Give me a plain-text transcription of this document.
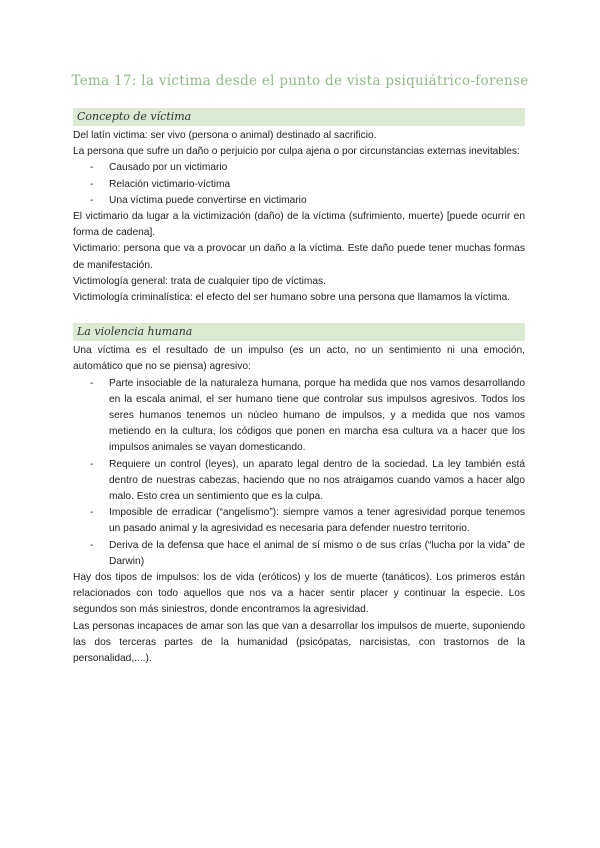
Tema 17: la víctima desde el punto de vista psiquiátrico-forense
Concepto de víctima

Del latín victima: ser vivo (persona o animal) destinado al sacrificio.

La persona que sufre un daño o perjuicio por culpa ajena o por circunstancias externas inevitables:

- Causado por un victimario
- Relación victimario-víctima
- Una víctima puede convertirse en victimario

El victimario da lugar a la victimización (daño) de la víctima (sufrimiento, muerte) [puede ocurrir en forma de cadena].

Victimario: persona que va a provocar un daño a la víctima. Este daño puede tener muchas formas de manifestación.

Victimología general: trata de cualquier tipo de víctimas.

Victimología criminalística: el efecto del ser humano sobre una persona que llamamos la víctima.

La violencia humana

Una víctima es el resultado de un impulso (es un acto, no un sentimiento ni una emoción, automático que no se piensa) agresivo:

- Parte insociable de la naturaleza humana, porque ha medida que nos vamos desarrollando en la escala animal, el ser humano tiene que controlar sus impulsos agresivos. Todos los seres humanos tenemos un núcleo humano de impulsos, y a medida que nos vamos metiendo en la cultura, los códigos que ponen en marcha esa cultura va a hacer que los impulsos animales se vayan domesticando.
- Requiere un control (leyes), un aparato legal dentro de la sociedad. La ley también está dentro de nuestras cabezas, haciendo que no nos atraigamos cuando vamos a hacer algo malo. Esto crea un sentimiento que es la culpa.
- Imposible de erradicar (“angelismo”): siempre vamos a tener agresividad porque tenemos un pasado animal y la agresividad es necesaria para defender nuestro territorio.
- Deriva de la defensa que hace el animal de sí mismo o de sus crías (“lucha por la vida” de Darwin)

Hay dos tipos de impulsos: los de vida (eróticos) y los de muerte (tanáticos). Los primeros están relacionados con todo aquellos que nos va a hacer sentir placer y continuar la especie. Los segundos son más siniestros, donde encontramos la agresividad.

Las personas incapaces de amar son las que van a desarrollar los impulsos de muerte, suponiendo las dos terceras partes de la humanidad (psicópatas, narcisistas, con trastornos de la personalidad,....).
